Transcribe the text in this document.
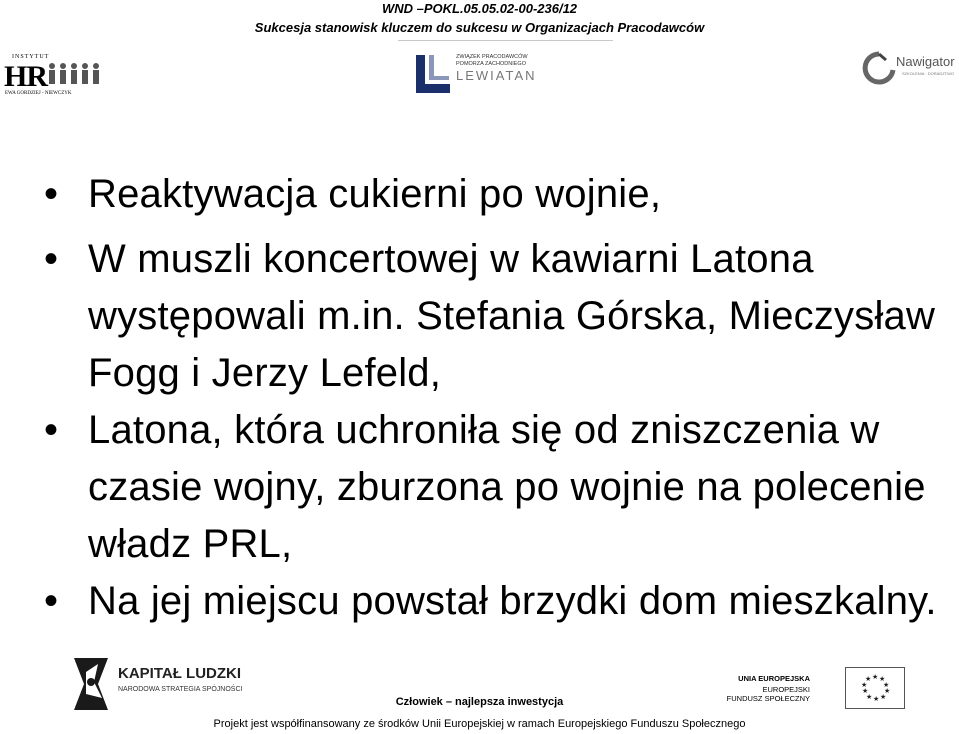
WND –POKL.05.05.02-00-236/12
Sukcesja stanowisk kluczem do sukcesu w Organizacjach Pracodawców
INSTYTUT
HR
EWA GORDZIEJ - NIEWCZYK
ZWIĄZEK PRACODAWCÓW
POMORZA ZACHODNIEGO
LEWIATAN
Nawigator
SZKOLENIA · DORADZTWO
• Reaktywacja cukierni po wojnie,
• W muszli koncertowej w kawiarni Latona występowali m.in. Stefania Górska, Mieczysław Fogg i Jerzy Lefeld,
• Latona, która uchroniła się od zniszczenia w czasie wojny, zburzona po wojnie na polecenie władz PRL,
• Na jej miejscu powstał brzydki dom mieszkalny.
KAPITAŁ LUDZKI
NARODOWA STRATEGIA SPÓJNOŚCI
UNIA EUROPEJSKA
EUROPEJSKI
FUNDUSZ SPOŁECZNY
★ ★
★
★
★
★
★
★
★
★
Człowiek – najlepsza inwestycja
Projekt jest współfinansowany ze środków Unii Europejskiej w ramach Europejskiego Funduszu Społecznego
